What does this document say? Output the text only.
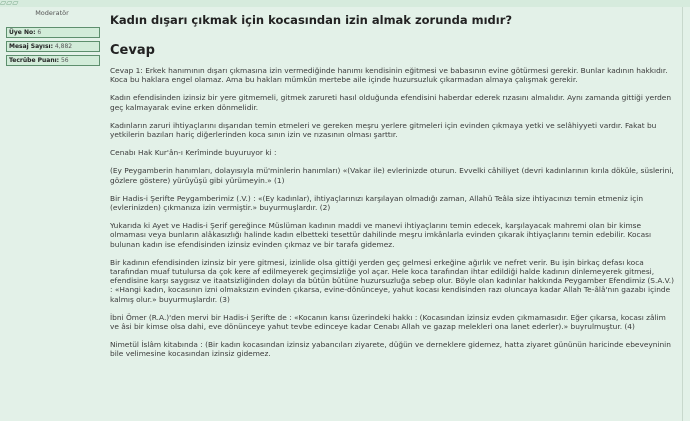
▱▱▱
Moderatör
Üye No: 6
Mesaj Sayısı: 4,882
Tecrübe Puanı: 56
Kadın dışarı çıkmak için kocasından izin almak zorunda mıdır?
Cevap

Cevap 1: Erkek hanımının dışarı çıkmasına izin vermediğinde hanımı kendisinin eğitmesi ve babasının evine götürmesi gerekir. Bunlar kadının hakkıdır. Koca bu haklara engel olamaz. Ama bu hakları mümkün mertebe aile içinde huzursuzluk çıkarmadan almaya çalışmak gerekir.

Kadın efendisinden izinsiz bir yere gitmemeli, gitmek zarureti hasıl olduğunda efendisini haberdar ederek rızasını almalıdır. Aynı zamanda gittiği yerden geç kalmayarak evine erken dönmelidir.

Kadınların zaruri ihtiyaçlarını dışarıdan temin etmeleri ve gereken meşru yerlere gitmeleri için evinden çıkmaya yetki ve selâhiyyeti vardır. Fakat bu yetkilerin bazıları hariç diğerlerinden koca sının izin ve rızasının olması şarttır.

Cenabı Hak Kur'ân-ı Kerîminde buyuruyor ki :

(Ey Peygamberin hanımları, dolayısıyla mü'minlerin hanımları) «(Vakar ile) evlerinizde oturun. Evvelki câhiliyet (devri kadınlarının kırıla döküle, süslerini, gözlere göstere) yürüyüşü gibi yürümeyin.» (1)

Bir Hadis-i Şerifte Peygamberimiz (.V.) : «(Ey kadınlar), ihtiyaçlarınızı karşılayan olmadığı zaman, Allahü Teâla size ihtiyacınızı temin etmeniz için (evlerinizden) çıkmanıza izin vermiştir.» buyurmuşlardır. (2)

Yukarıda ki Ayet ve Hadis-i Şerif gereğince Müslüman kadının maddi ve manevi ihtiyaçlarını temin edecek, karşılayacak mahremi olan bir kimse olmaması veya bunların alâkasızlığı halinde kadın elbetteki tesettür dahilinde meşru imkânlarla evinden çıkarak ihtiyaçlarını temin edebilir. Kocası bulunan kadın ise efendisinden izinsiz evinden çıkmaz ve bir tarafa gidemez.

Bir kadının efendisinden izinsiz bir yere gitmesi, izinlide olsa gittiği yerden geç gelmesi erkeğine ağırlık ve nefret verir. Bu işin birkaç defası koca tarafından muaf tutulursa da çok kere af edilmeyerek geçimsizliğe yol açar. Hele koca tarafından ihtar edildiği halde kadının dinlemeyerek gitmesi, efendisine karşı saygısız ve itaatsizliğinden dolayı da bütün bütüne huzursuzluğa sebep olur. Böyle olan kadınlar hakkında Peygamber Efendimiz (S.A.V.) : «Hangi kadın, kocasının izni olmaksızın evinden çıkarsa, evine-dönünceye, yahut kocası kendisinden razı oluncaya kadar Allah Te-âlâ'nın gazabı içinde kalmış olur.» buyurmuşlardır. (3)

İbni Ömer (R.A.)'den mervi bir Hadis-i Şerifte de : «Kocanın karısı üzerindeki hakkı : (Kocasından izinsiz evden çıkmamasıdır. Eğer çıkarsa, kocası zâlim ve âsi bir kimse olsa dahi, eve dönünceye yahut tevbe edinceye kadar Cenabı Allah ve gazap melekleri ona lanet ederler).» buyrulmuştur. (4)

Nimetül İslâm kitabında : (Bir kadın kocasından izinsiz yabancıları ziyarete, düğün ve derneklere gidemez, hatta ziyaret gününün haricinde ebeveyninin bile velimesine kocasından izinsiz gidemez.
